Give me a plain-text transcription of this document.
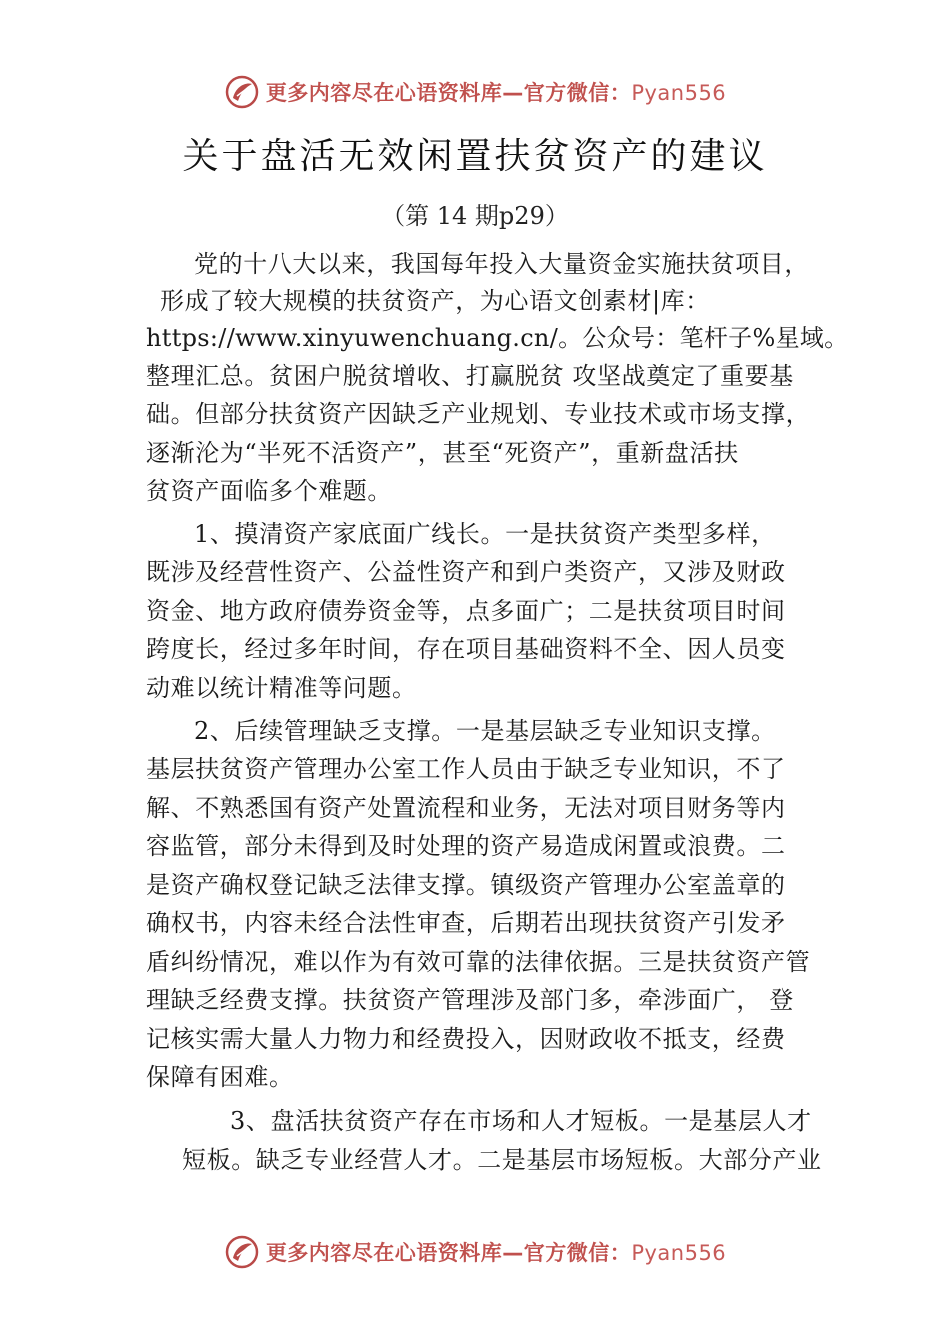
更多内容尽在心语资料库—官方微信：Pyan556
关于盘活无效闲置扶贫资产的建议
（第 14 期p29）
党的十八大以来，我国每年投入大量资金实施扶贫项目，
形成了较大规模的扶贫资产，为心语文创素材|库：
https://www.xinyuwenchuang.cn/。公众号：笔杆子%星域。
整理汇总。贫困户脱贫增收、打赢脱贫 攻坚战奠定了重要基
础。但部分扶贫资产因缺乏产业规划、专业技术或市场支撑，
逐渐沦为“半死不活资产”，甚至“死资产”，重新盘活扶
贫资产面临多个难题。
1、摸清资产家底面广线长。一是扶贫资产类型多样，
既涉及经营性资产、公益性资产和到户类资产，又涉及财政
资金、地方政府债券资金等，点多面广；二是扶贫项目时间
跨度长，经过多年时间，存在项目基础资料不全、因人员变
动难以统计精准等问题。
2、后续管理缺乏支撑。一是基层缺乏专业知识支撑。
基层扶贫资产管理办公室工作人员由于缺乏专业知识，不了
解、不熟悉国有资产处置流程和业务，无法对项目财务等内
容监管，部分未得到及时处理的资产易造成闲置或浪费。二
是资产确权登记缺乏法律支撑。镇级资产管理办公室盖章的
确权书，内容未经合法性审查，后期若出现扶贫资产引发矛
盾纠纷情况，难以作为有效可靠的法律依据。三是扶贫资产管
理缺乏经费支撑。扶贫资产管理涉及部门多，牵涉面广， 登
记核实需大量人力物力和经费投入，因财政收不抵支，经费
保障有困难。
3、盘活扶贫资产存在市场和人才短板。一是基层人才
短板。缺乏专业经营人才。二是基层市场短板。大部分产业
更多内容尽在心语资料库—官方微信：Pyan556
